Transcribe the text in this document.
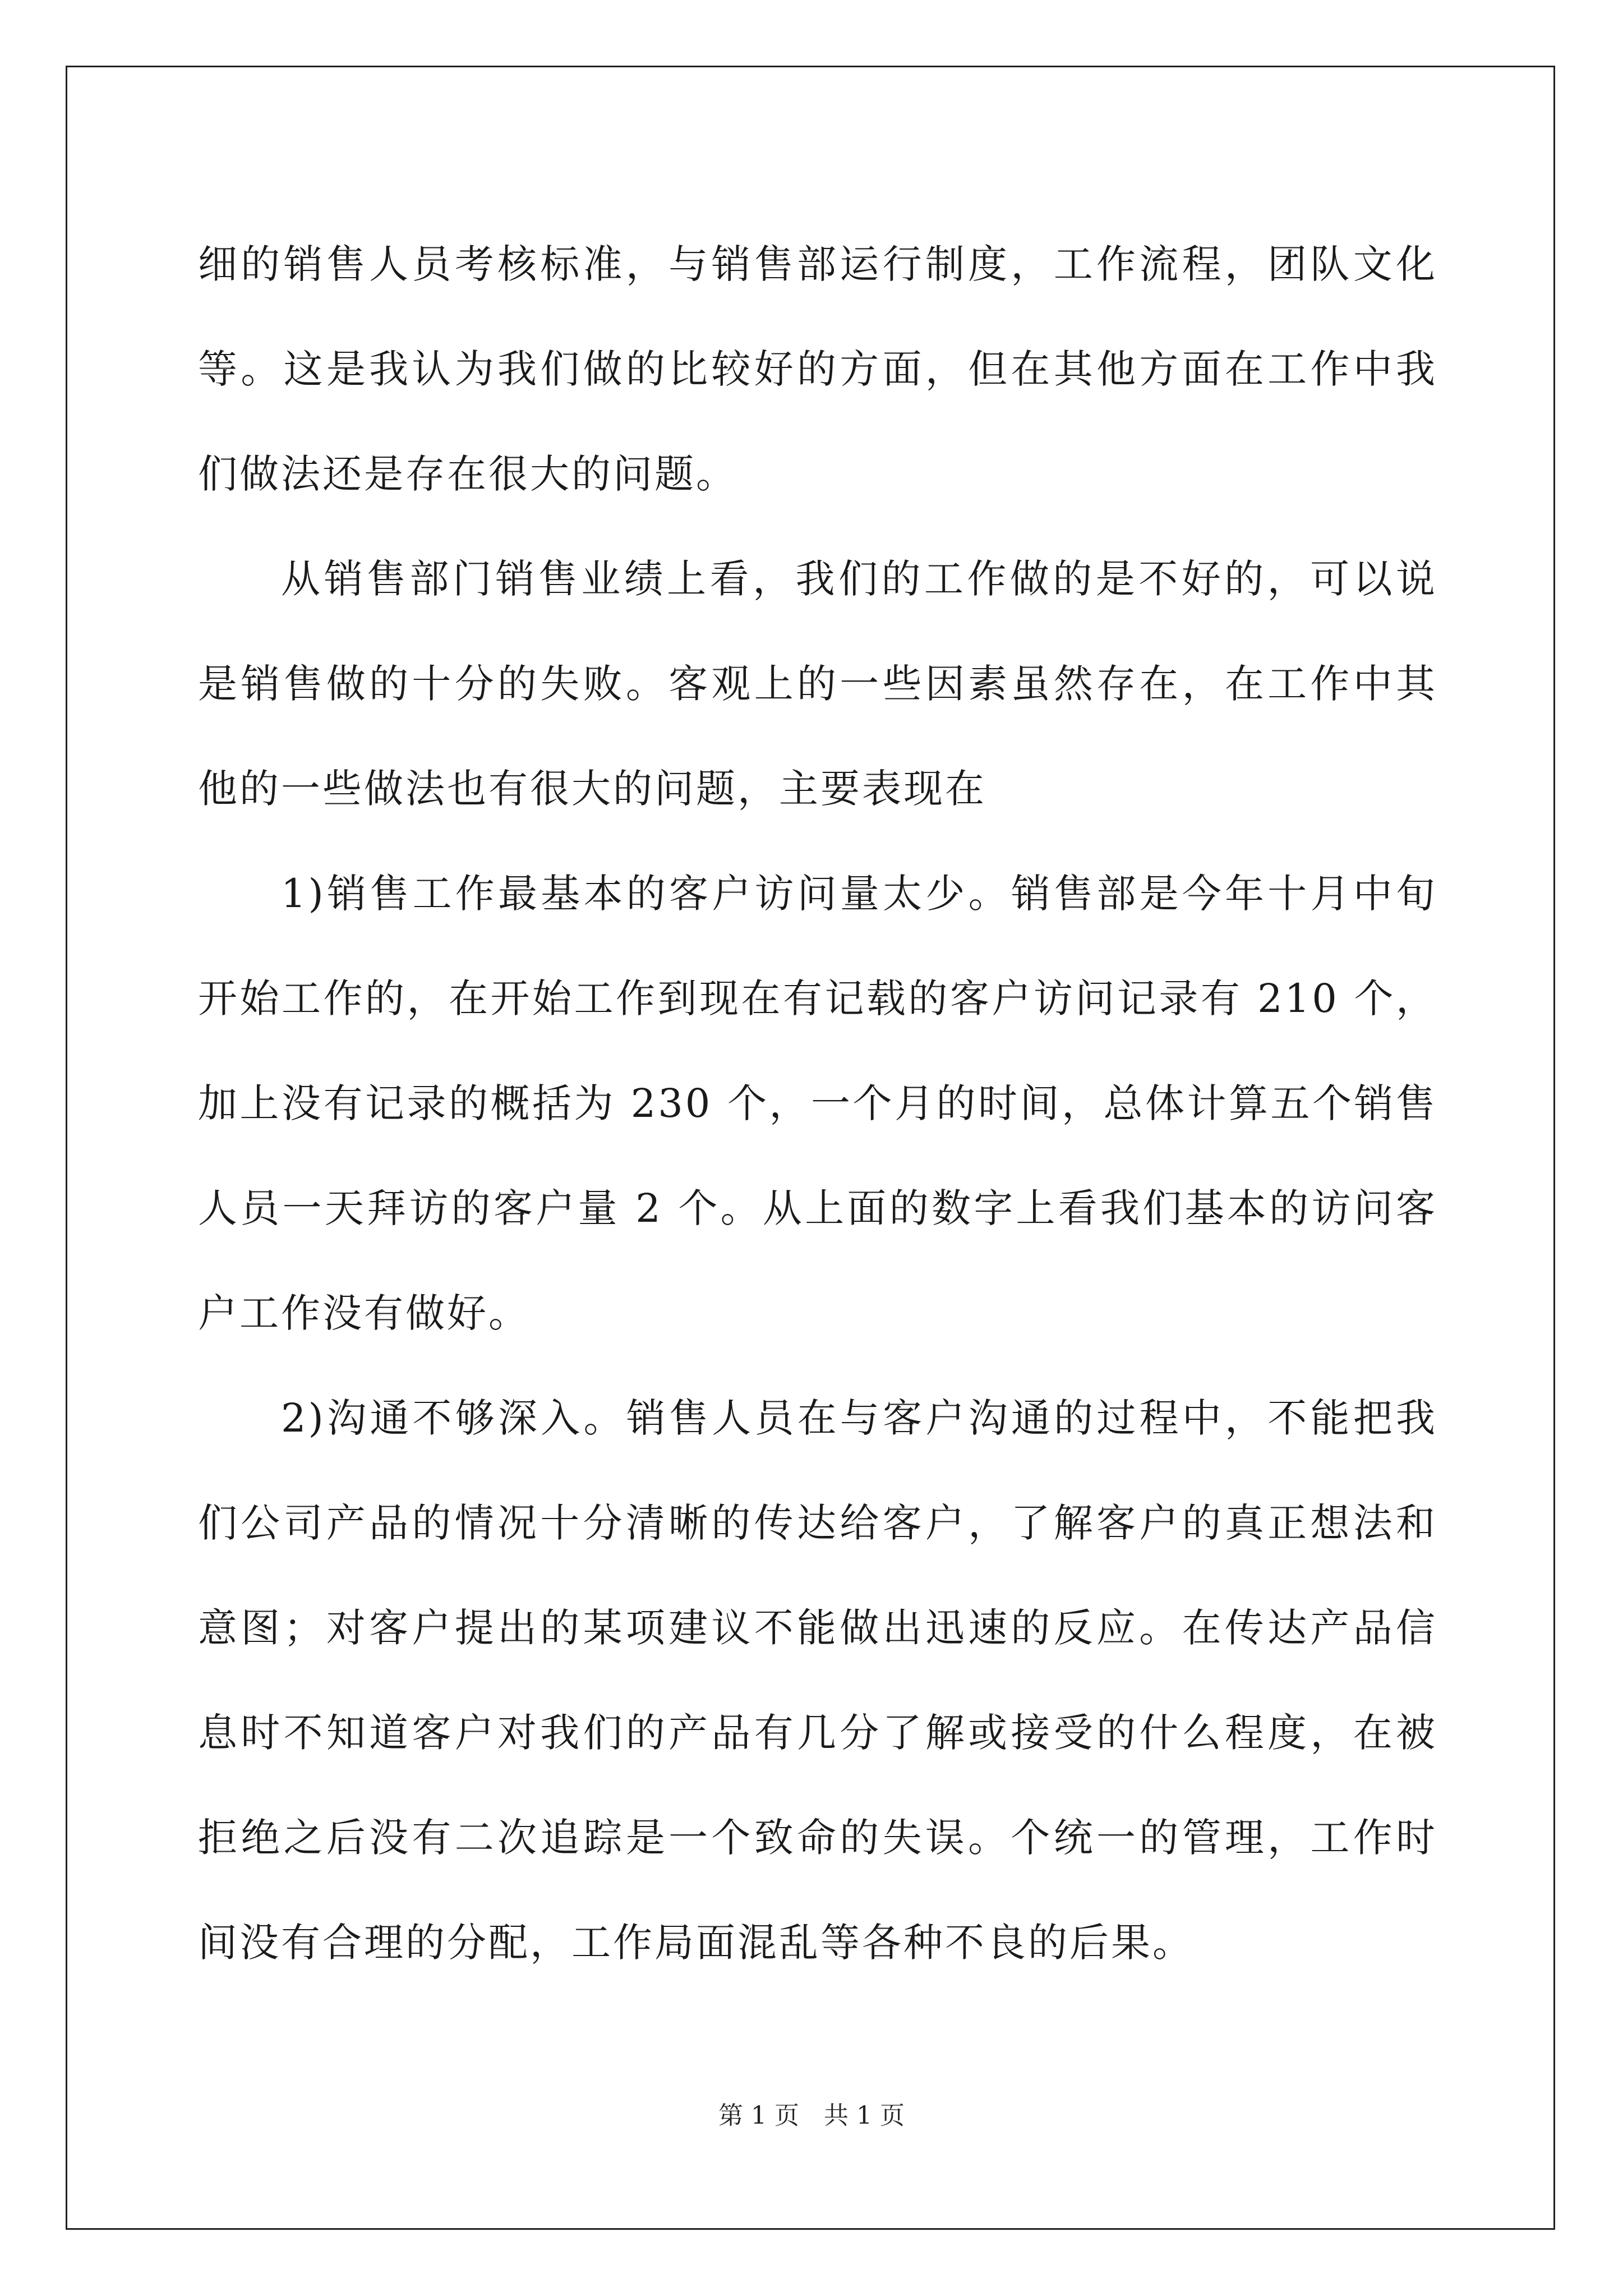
细的销售人员考核标准，与销售部运行制度，工作流程，团队文化等。这是我认为我们做的比较好的方面，但在其他方面在工作中我们做法还是存在很大的问题。

从销售部门销售业绩上看，我们的工作做的是不好的，可以说是销售做的十分的失败。客观上的一些因素虽然存在，在工作中其他的一些做法也有很大的问题，主要表现在

1)销售工作最基本的客户访问量太少。销售部是今年十月中旬开始工作的，在开始工作到现在有记载的客户访问记录有 210 个，加上没有记录的概括为 230 个，一个月的时间，总体计算五个销售人员一天拜访的客户量 2 个。从上面的数字上看我们基本的访问客户工作没有做好。

2)沟通不够深入。销售人员在与客户沟通的过程中，不能把我们公司产品的情况十分清晰的传达给客户，了解客户的真正想法和意图；对客户提出的某项建议不能做出迅速的反应。在传达产品信息时不知道客户对我们的产品有几分了解或接受的什么程度，在被拒绝之后没有二次追踪是一个致命的失误。个统一的管理，工作时间没有合理的分配，工作局面混乱等各种不良的后果。

第 1 页　共 1 页
